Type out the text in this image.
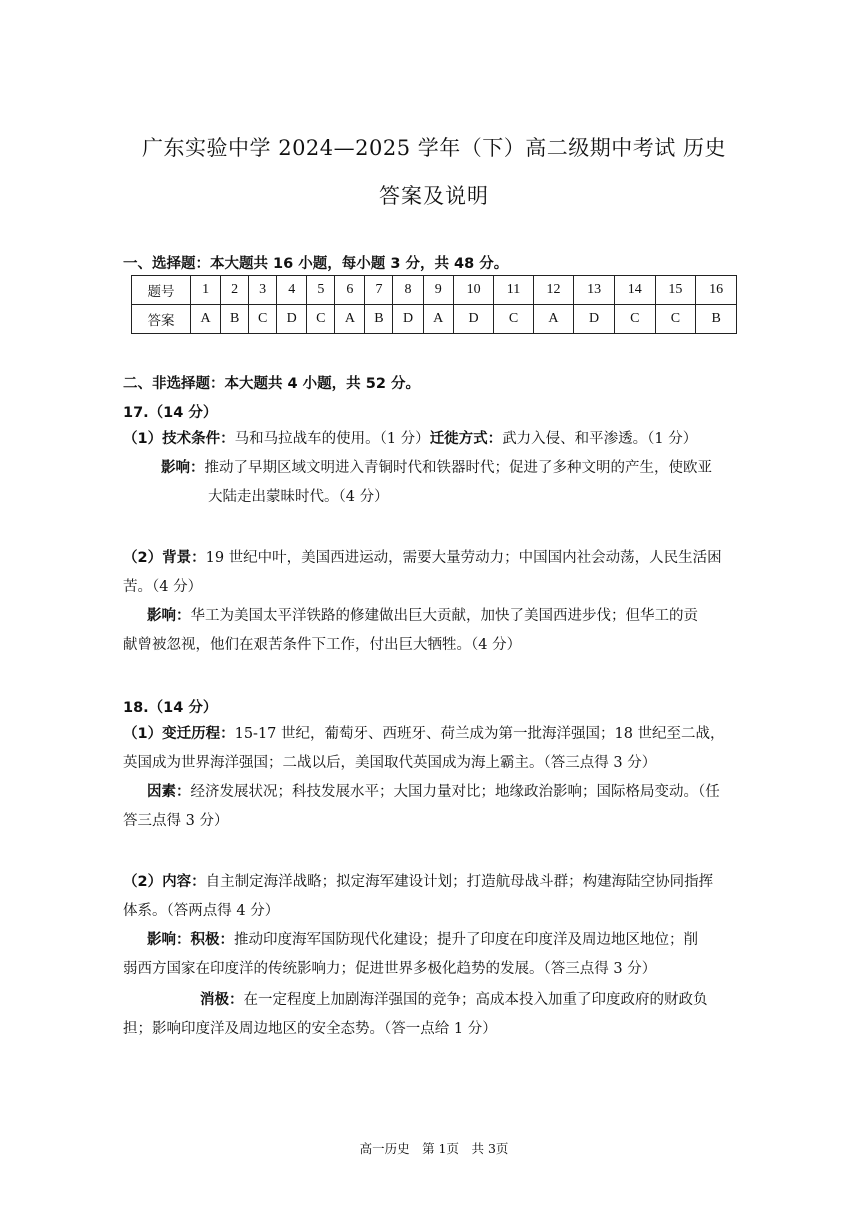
广东实验中学 2024—2025 学年（下）高二级期中考试 历史
答案及说明
一、选择题：本大题共 16 小题，每小题 3 分，共 48 分。
题号	1	2	3	4	5	6	7	8	9	10	11	12	13	14	15	16
答案	A	B	C	D	C	A	B	D	A	D	C	A	D	C	C	B
二、非选择题：本大题共 4 小题，共 52 分。
17.（14 分）
（1）技术条件：马和马拉战车的使用。（1 分）迁徙方式：武力入侵、和平渗透。（1 分）
影响：推动了早期区域文明进入青铜时代和铁器时代；促进了多种文明的产生，使欧亚
大陆走出蒙昧时代。（4 分）
（2）背景：19 世纪中叶，美国西进运动，需要大量劳动力；中国国内社会动荡，人民生活困
苦。（4 分）
影响：华工为美国太平洋铁路的修建做出巨大贡献，加快了美国西进步伐；但华工的贡
献曾被忽视，他们在艰苦条件下工作，付出巨大牺牲。（4 分）
18.（14 分）
（1）变迁历程：15-17 世纪，葡萄牙、西班牙、荷兰成为第一批海洋强国；18 世纪至二战，
英国成为世界海洋强国；二战以后，美国取代英国成为海上霸主。（答三点得 3 分）
因素：经济发展状况；科技发展水平；大国力量对比；地缘政治影响；国际格局变动。（任
答三点得 3 分）
（2）内容：自主制定海洋战略；拟定海军建设计划；打造航母战斗群；构建海陆空协同指挥
体系。（答两点得 4 分）
影响：积极：推动印度海军国防现代化建设；提升了印度在印度洋及周边地区地位；削
弱西方国家在印度洋的传统影响力；促进世界多极化趋势的发展。（答三点得 3 分）
消极：在一定程度上加剧海洋强国的竞争；高成本投入加重了印度政府的财政负
担；影响印度洋及周边地区的安全态势。（答一点给 1 分）
高一历史　第 1页　共 3页
